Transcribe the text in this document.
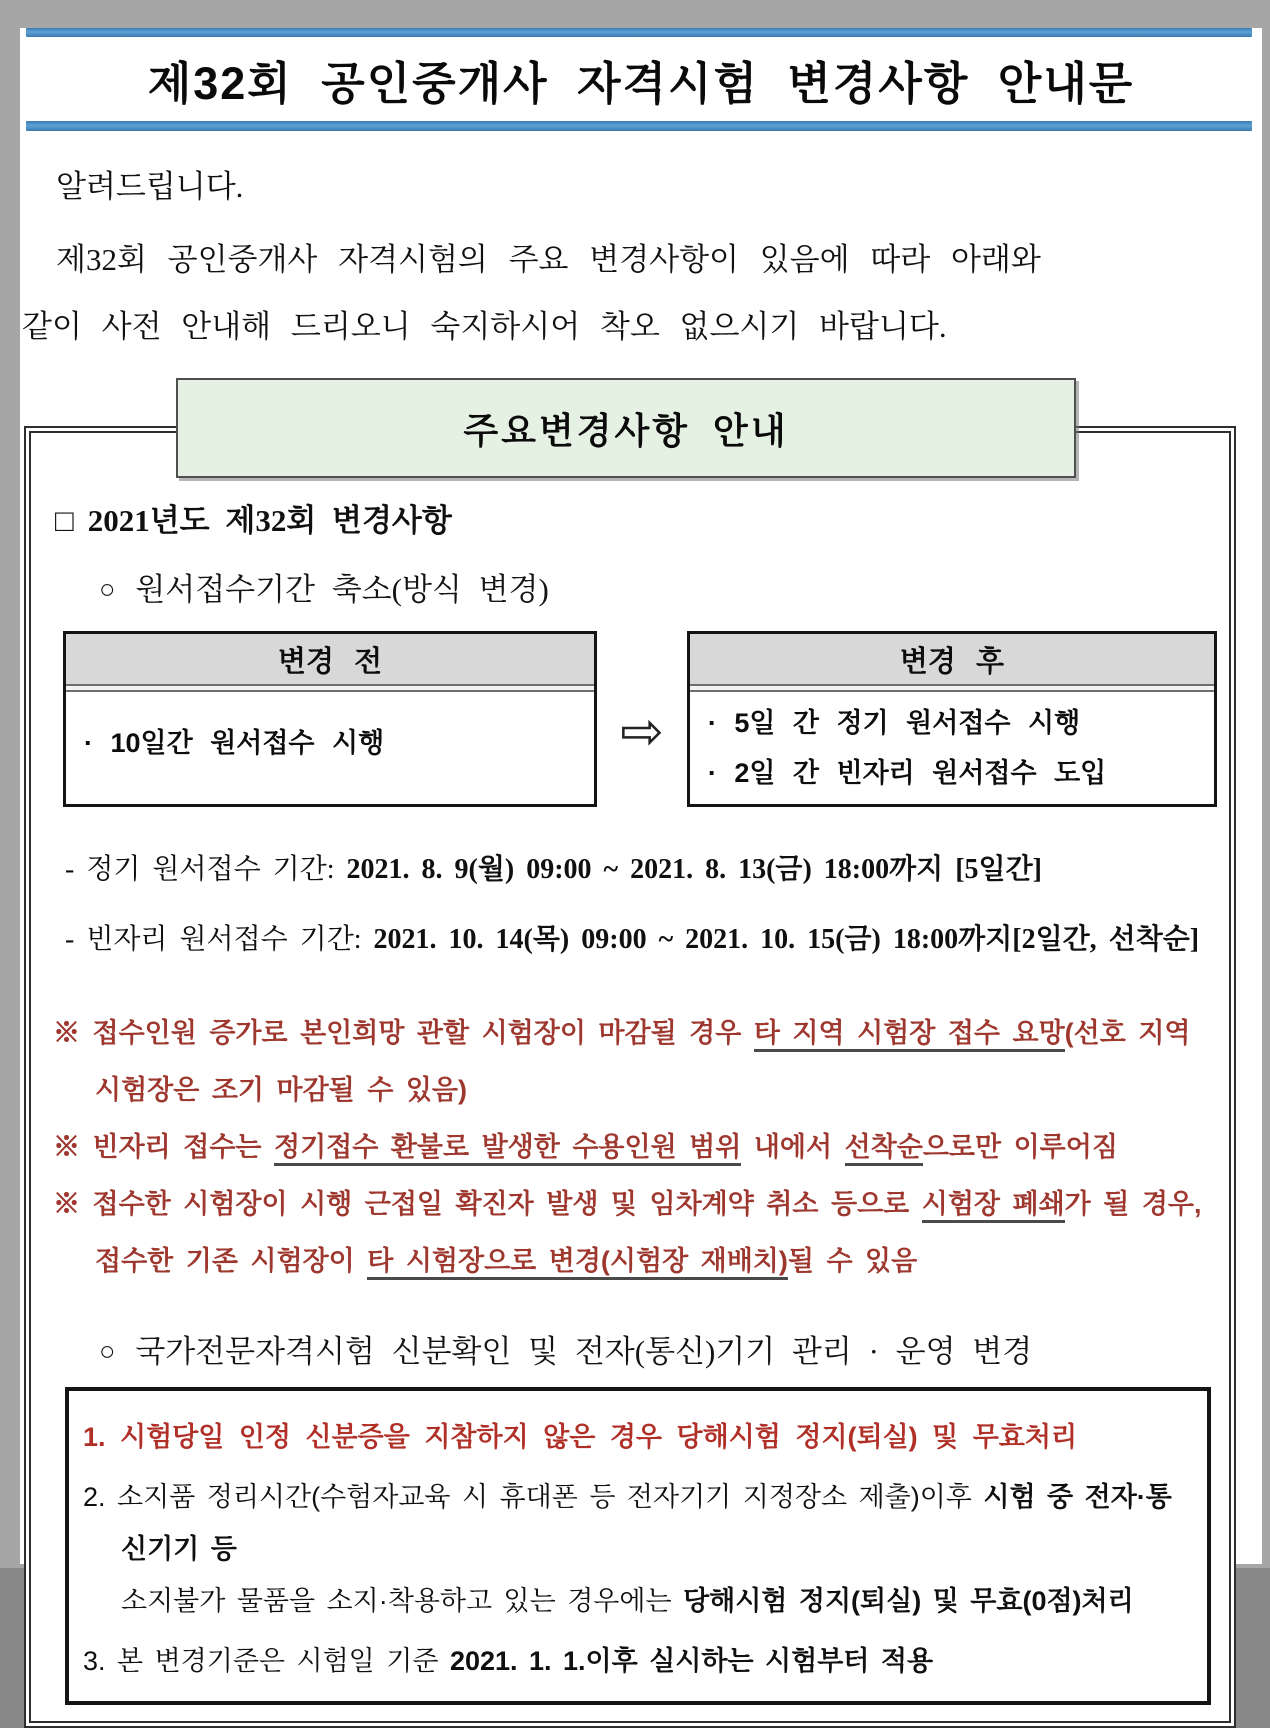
제32회 공인중개사 자격시험 변경사항 안내문
알려드립니다.
제32회 공인중개사 자격시험의 주요 변경사항이 있음에 따라 아래와
같이 사전 안내해 드리오니 숙지하시어 착오 없으시기 바랍니다.
주요변경사항 안내
□ 2021년도 제32회 변경사항
○ 원서접수기간 축소(방식 변경)
변경 전
· 10일간 원서접수 시행	⇨
변경 후
· 5일 간 정기 원서접수 시행
· 2일 간 빈자리 원서접수 도입
- 정기 원서접수 기간: 2021. 8. 9(월) 09:00 ~ 2021. 8. 13(금) 18:00까지 [5일간]
- 빈자리 원서접수 기간: 2021. 10. 14(목) 09:00 ~ 2021. 10. 15(금) 18:00까지[2일간, 선착순]
※ 접수인원 증가로 본인희망 관할 시험장이 마감될 경우 타 지역 시험장 접수 요망(선호 지역
시험장은 조기 마감될 수 있음)
※ 빈자리 접수는 정기접수 환불로 발생한 수용인원 범위 내에서 선착순으로만 이루어짐
※ 접수한 시험장이 시행 근접일 확진자 발생 및 임차계약 취소 등으로 시험장 폐쇄가 될 경우,
접수한 기존 시험장이 타 시험장으로 변경(시험장 재배치)될 수 있음
○ 국가전문자격시험 신분확인 및 전자(통신)기기 관리 · 운영 변경
1. 시험당일 인정 신분증을 지참하지 않은 경우 당해시험 정지(퇴실) 및 무효처리
2. 소지품 정리시간(수험자교육 시 휴대폰 등 전자기기 지정장소 제출)이후 시험 중 전자·통신기기 등
소지불가 물품을 소지·착용하고 있는 경우에는 당해시험 정지(퇴실) 및 무효(0점)처리
3. 본 변경기준은 시험일 기준 2021. 1. 1.이후 실시하는 시험부터 적용
